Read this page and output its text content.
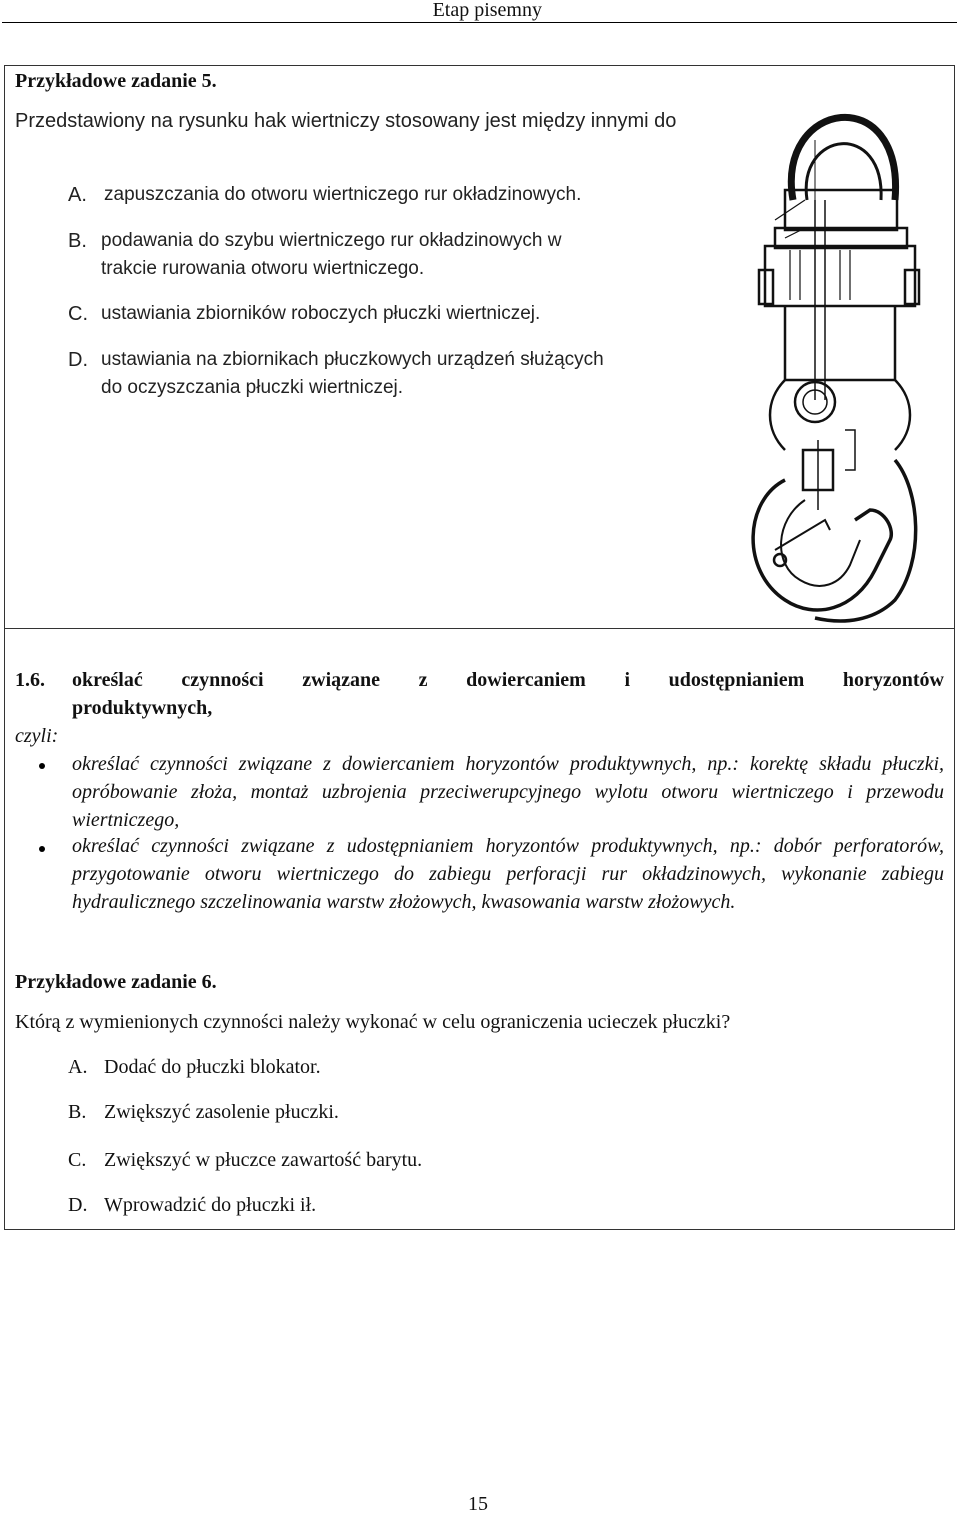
Etap pisemny
Przykładowe zadanie 5.
Przedstawiony na rysunku hak wiertniczy stosowany jest między innymi do
A. zapuszczania do otworu wiertniczego rur okładzinowych.
B. podawania do szybu wiertniczego rur okładzinowych w
trakcie rurowania otworu wiertniczego.
C. ustawiania zbiorników roboczych płuczki wiertniczej.
D. ustawiania na zbiornikach płuczkowych urządzeń służących
do oczyszczania płuczki wiertniczej.
1.6. określać czynności związane z dowiercaniem i udostępnianiem horyzontów
produktywnych,
czyli:
określać czynności związane z dowiercaniem horyzontów produktywnych, np.: korektę składu płuczki, opróbowanie złoża, montaż uzbrojenia przeciwerupcyjnego wylotu otworu wiertniczego i przewodu wiertniczego,
określać czynności związane z udostępnianiem horyzontów produktywnych, np.: dobór perforatorów, przygotowanie otworu wiertniczego do zabiegu perforacji rur okładzinowych, wykonanie zabiegu hydraulicznego szczelinowania warstw złożowych, kwasowania warstw złożowych.
Przykładowe zadanie 6.
Którą z wymienionych czynności należy wykonać w celu ograniczenia ucieczek płuczki?
A. Dodać do płuczki blokator.
B. Zwiększyć zasolenie płuczki.
C. Zwiększyć w płuczce zawartość barytu.
D. Wprowadzić do płuczki ił.
15
